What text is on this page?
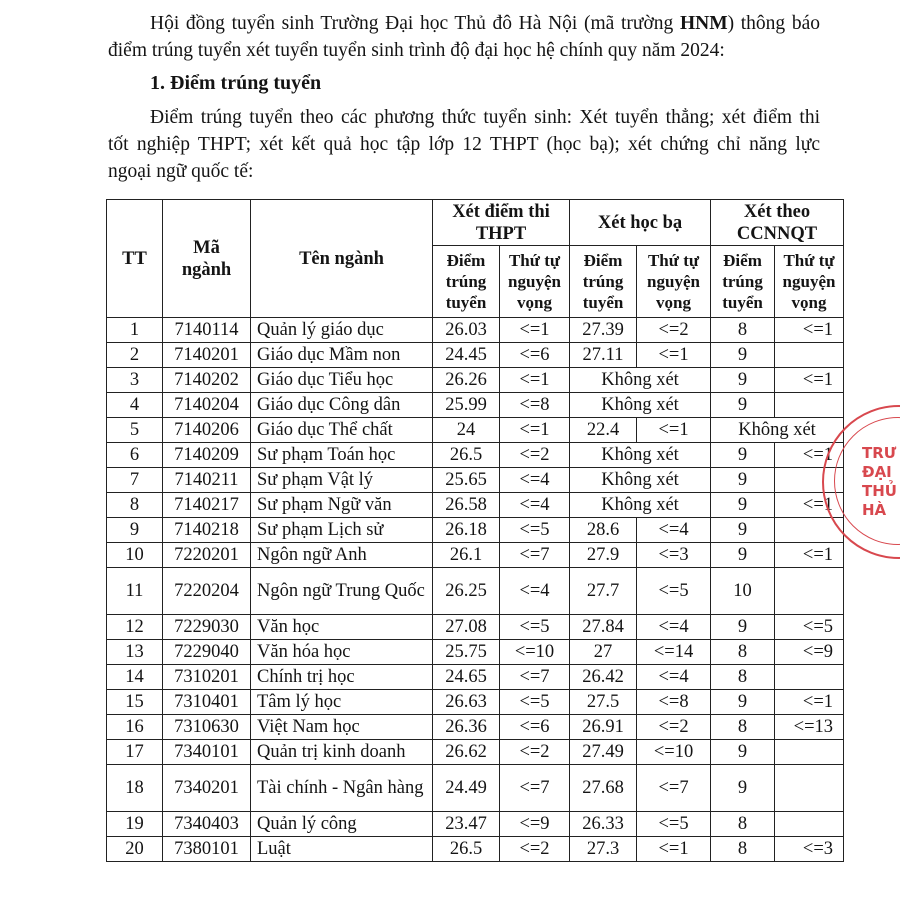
Hội đồng tuyển sinh Trường Đại học Thủ đô Hà Nội (mã trường HNM) thông báo điểm trúng tuyển xét tuyển tuyển sinh trình độ đại học hệ chính quy năm 2024:
1. Điểm trúng tuyển
Điểm trúng tuyển theo các phương thức tuyển sinh: Xét tuyển thẳng; xét điểm thi
tốt nghiệp THPT; xét kết quả học tập lớp 12 THPT (học bạ); xét chứng chỉ năng lực
ngoại ngữ quốc tế:
TT	Mã ngành	Tên ngành	Xét điểm thi THPT		Xét học bạ		Xét theo CCNNQT	
			Điểm trúng tuyển	Thứ tự nguyện vọng	Điểm trúng tuyển	Thứ tự nguyện vọng	Điểm trúng tuyển	Thứ tự nguyện vọng
1	7140114	Quản lý giáo dục	26.03	<=1	27.39	<=2	8	<=1
2	7140201	Giáo dục Mầm non	24.45	<=6	27.11	<=1	9	
3	7140202	Giáo dục Tiểu học	26.26	<=1	Không xét		9	<=1
4	7140204	Giáo dục Công dân	25.99	<=8	Không xét		9	
5	7140206	Giáo dục Thể chất	24	<=1	22.4	<=1	Không xét	
6	7140209	Sư phạm Toán học	26.5	<=2	Không xét		9	<=1
7	7140211	Sư phạm Vật lý	25.65	<=4	Không xét		9	
8	7140217	Sư phạm Ngữ văn	26.58	<=4	Không xét		9	<=1
9	7140218	Sư phạm Lịch sử	26.18	<=5	28.6	<=4	9	
10	7220201	Ngôn ngữ Anh	26.1	<=7	27.9	<=3	9	<=1
11	7220204	Ngôn ngữ Trung Quốc	26.25	<=4	27.7	<=5	10	
12	7229030	Văn học	27.08	<=5	27.84	<=4	9	<=5
13	7229040	Văn hóa học	25.75	<=10	27	<=14	8	<=9
14	7310201	Chính trị học	24.65	<=7	26.42	<=4	8	
15	7310401	Tâm lý học	26.63	<=5	27.5	<=8	9	<=1
16	7310630	Việt Nam học	26.36	<=6	26.91	<=2	8	<=13
17	7340101	Quản trị kinh doanh	26.62	<=2	27.49	<=10	9	
18	7340201	Tài chính - Ngân hàng	24.49	<=7	27.68	<=7	9	
19	7340403	Quản lý công	23.47	<=9	26.33	<=5	8	
20	7380101	Luật	26.5	<=2	27.3	<=1	8	<=3
TRƯ
ĐẠI
THỦ
HÀ
